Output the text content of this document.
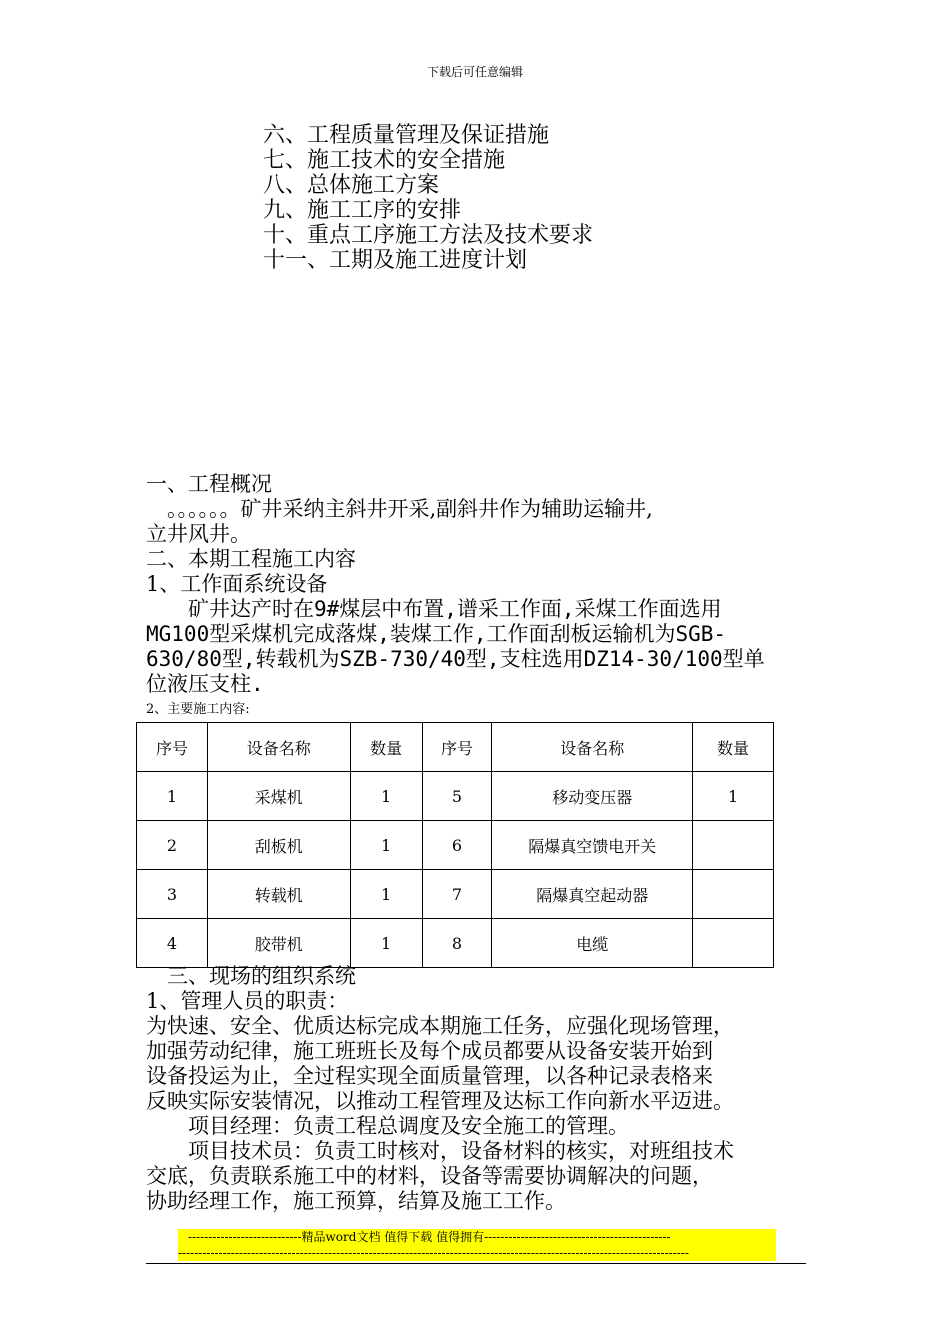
下载后可任意编辑
六、工程质量管理及保证措施
七、施工技术的安全措施
八、总体施工方案
九、施工工序的安排
十、重点工序施工方法及技术要求
十一、工期及施工进度计划
一、工程概况
　。。。。。。矿井采纳主斜井开采,副斜井作为辅助运输井,
立井风井。
二、本期工程施工内容
1、工作面系统设备
　　矿井达产时在9#煤层中布置,谱采工作面,采煤工作面选用
MG100型采煤机完成落煤,装煤工作,工作面刮板运输机为SGB-
630/80型,转载机为SZB-730/40型,支柱选用DZ14-30/100型单
位液压支柱.
2、主要施工内容:
序号	设备名称	数量	序号	设备名称	数量
1	采煤机	1	5	移动变压器	1
2	刮板机	1	6	隔爆真空馈电开关	
3	转载机	1	7	隔爆真空起动器	
4	胶带机	1	8	电缆	
　三、现场的组织系统
1、管理人员的职责：
为快速、安全、优质达标完成本期施工任务，应强化现场管理，
加强劳动纪律，施工班班长及每个成员都要从设备安装开始到
设备投运为止，全过程实现全面质量管理，以各种记录表格来
反映实际安装情况，以推动工程管理及达标工作向新水平迈进。
　　项目经理：负责工程总调度及安全施工的管理。
　　项目技术员：负责工时核对，设备材料的核实，对班组技术
交底，负责联系施工中的材料，设备等需要协调解决的问题，
协助经理工作，施工预算，结算及施工工作。
----------------------------精品word文档 值得下载 值得拥有----------------------------------------------
------------------------------------------------------------------------------------------------------------------------------
